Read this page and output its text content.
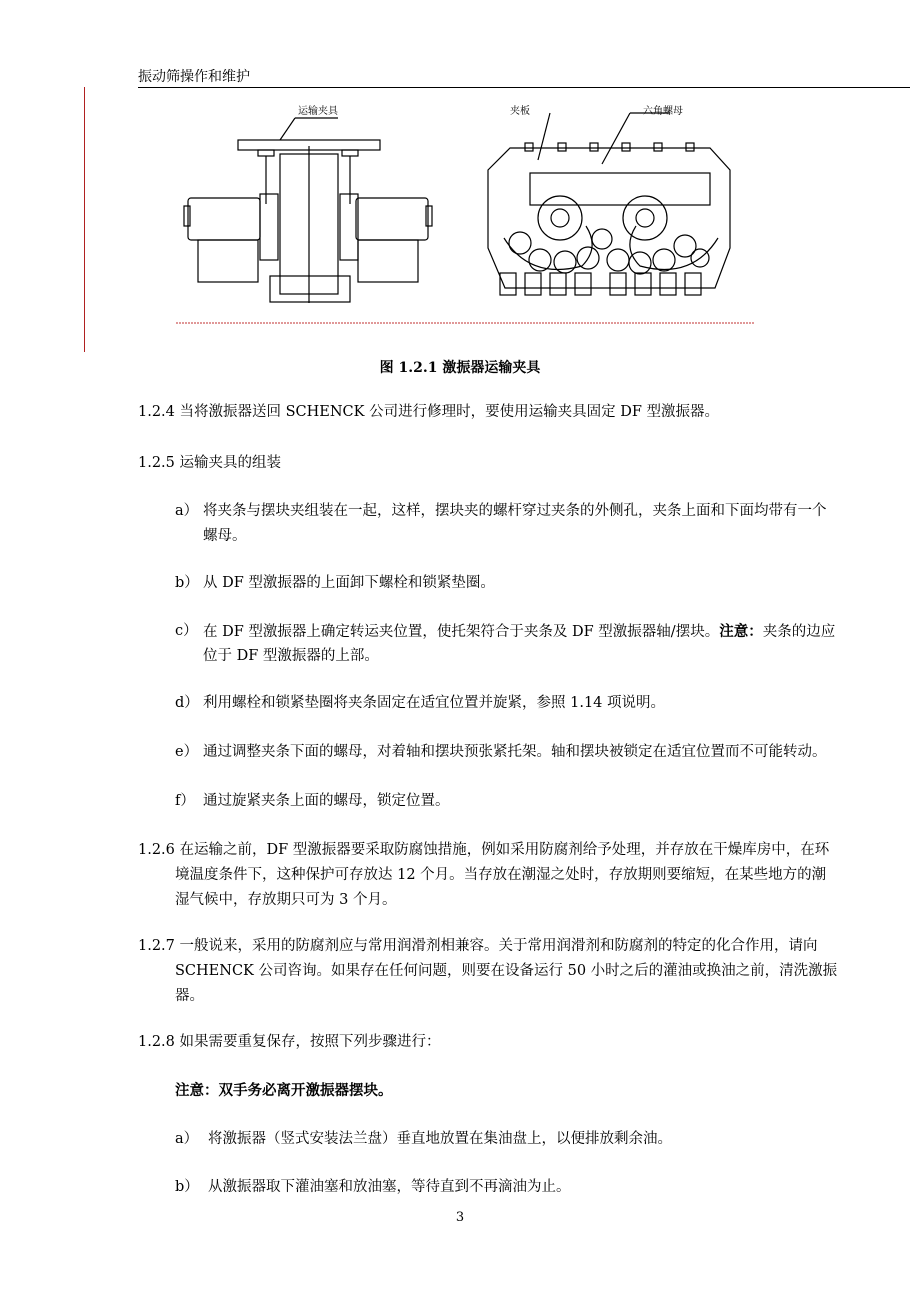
振动筛操作和维护
运输夹具	夹板	六角螺母
图 1.2.1 激振器运输夹具
1.2.4 当将激振器送回 SCHENCK 公司进行修理时，要使用运输夹具固定 DF 型激振器。
1.2.5 运输夹具的组装
a） 将夹条与摆块夹组装在一起，这样，摆块夹的螺杆穿过夹条的外侧孔，夹条上面和下面均带有一个
螺母。
b） 从 DF 型激振器的上面卸下螺栓和锁紧垫圈。
c） 在 DF 型激振器上确定转运夹位置，使托架符合于夹条及 DF 型激振器轴/摆块。注意：夹条的边应
位于 DF 型激振器的上部。
d） 利用螺栓和锁紧垫圈将夹条固定在适宜位置并旋紧，参照 1.14 项说明。
e） 通过调整夹条下面的螺母，对着轴和摆块预张紧托架。轴和摆块被锁定在适宜位置而不可能转动。
f） 通过旋紧夹条上面的螺母，锁定位置。
1.2.6 在运输之前，DF 型激振器要采取防腐蚀措施，例如采用防腐剂给予处理，并存放在干燥库房中，在环
境温度条件下，这种保护可存放达 12 个月。当存放在潮湿之处时，存放期则要缩短，在某些地方的潮
湿气候中，存放期只可为 3 个月。
1.2.7 一般说来，采用的防腐剂应与常用润滑剂相兼容。关于常用润滑剂和防腐剂的特定的化合作用，请向
SCHENCK 公司咨询。如果存在任何问题，则要在设备运行 50 小时之后的灌油或换油之前，清洗激振
器。
1.2.8 如果需要重复保存，按照下列步骤进行：
注意：双手务必离开激振器摆块。
a） 将激振器（竖式安装法兰盘）垂直地放置在集油盘上，以便排放剩余油。
b） 从激振器取下灌油塞和放油塞，等待直到不再滴油为止。
3
